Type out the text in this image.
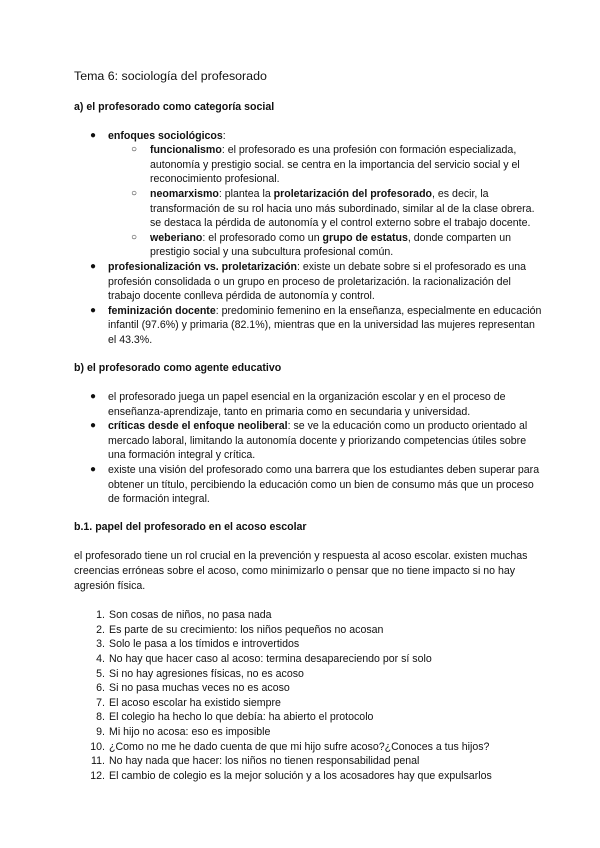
Tema 6: sociología del profesorado
a) el profesorado como categoría social
● enfoques sociológicos:
○ funcionalismo: el profesorado es una profesión con formación especializada, autonomía y prestigio social. se centra en la importancia del servicio social y el reconocimiento profesional.
○ neomarxismo: plantea la proletarización del profesorado, es decir, la transformación de su rol hacia uno más subordinado, similar al de la clase obrera. se destaca la pérdida de autonomía y el control externo sobre el trabajo docente.
○ weberiano: el profesorado como un grupo de estatus, donde comparten un prestigio social y una subcultura profesional común.
● profesionalización vs. proletarización: existe un debate sobre si el profesorado es una profesión consolidada o un grupo en proceso de proletarización. la racionalización del trabajo docente conlleva pérdida de autonomía y control.
● feminización docente: predominio femenino en la enseñanza, especialmente en educación infantil (97.6%) y primaria (82.1%), mientras que en la universidad las mujeres representan el 43.3%.
b) el profesorado como agente educativo
● el profesorado juega un papel esencial en la organización escolar y en el proceso de enseñanza-aprendizaje, tanto en primaria como en secundaria y universidad.
● críticas desde el enfoque neoliberal: se ve la educación como un producto orientado al mercado laboral, limitando la autonomía docente y priorizando competencias útiles sobre una formación integral y crítica.
● existe una visión del profesorado como una barrera que los estudiantes deben superar para obtener un título, percibiendo la educación como un bien de consumo más que un proceso de formación integral.
b.1. papel del profesorado en el acoso escolar

el profesorado tiene un rol crucial en la prevención y respuesta al acoso escolar. existen muchas creencias erróneas sobre el acoso, como minimizarlo o pensar que no tiene impacto si no hay agresión física.

1. Son cosas de niños, no pasa nada
2. Es parte de su crecimiento: los niños pequeños no acosan
3. Solo le pasa a los tímidos e introvertidos
4. No hay que hacer caso al acoso: termina desapareciendo por sí solo
5. Si no hay agresiones físicas, no es acoso
6. Si no pasa muchas veces no es acoso
7. El acoso escolar ha existido siempre
8. El colegio ha hecho lo que debía: ha abierto el protocolo
9. Mi hijo no acosa: eso es imposible
10. ¿Como no me he dado cuenta de que mi hijo sufre acoso?¿Conoces a tus hijos?
11. No hay nada que hacer: los niños no tienen responsabilidad penal
12. El cambio de colegio es la mejor solución y a los acosadores hay que expulsarlos
